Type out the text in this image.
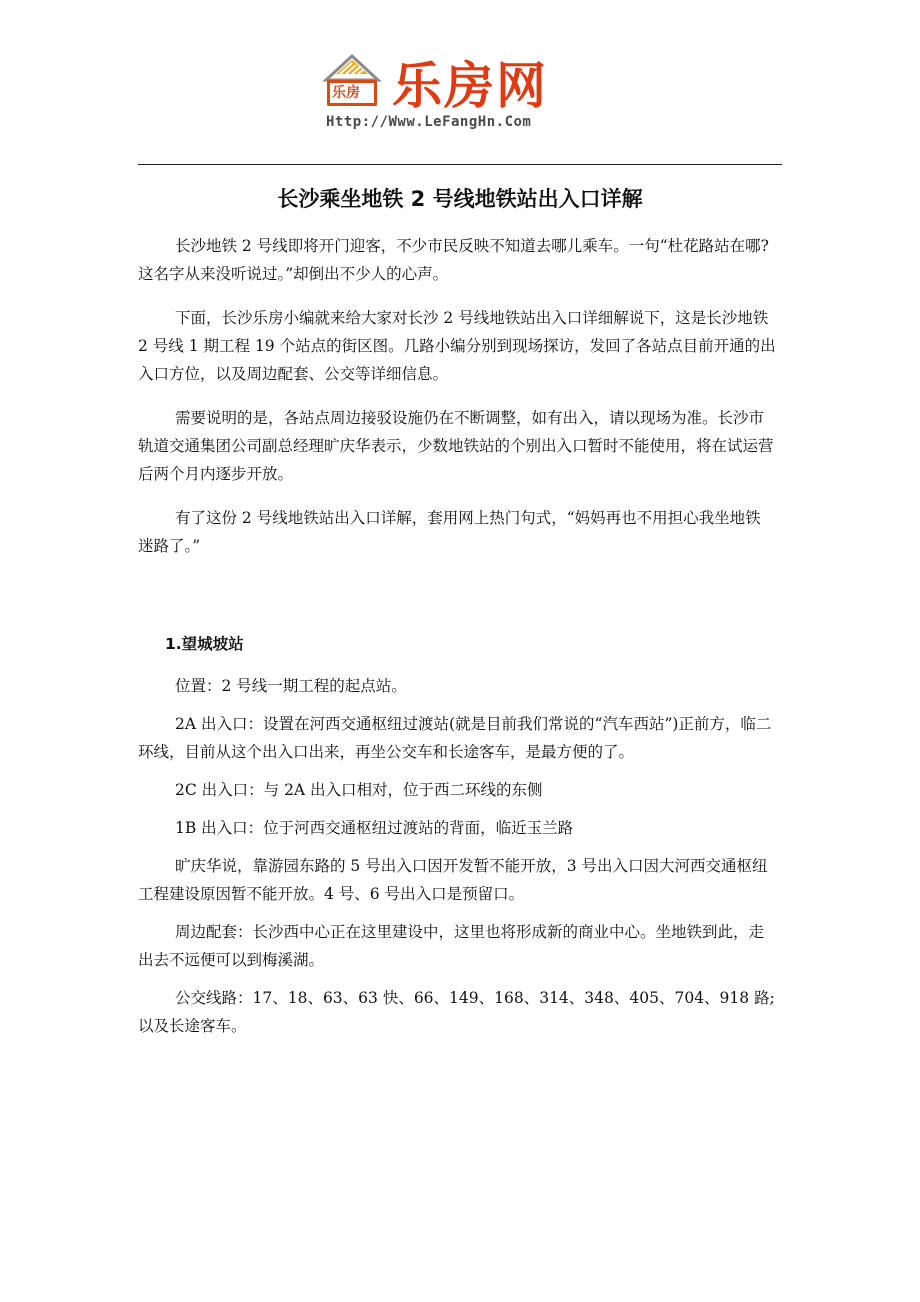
乐房 乐房网
Http://Www.LeFangHn.Com
长沙乘坐地铁 2 号线地铁站出入口详解

长沙地铁 2 号线即将开门迎客，不少市民反映不知道去哪儿乘车。一句“杜花路站在哪?这名字从来没听说过。”却倒出不少人的心声。

下面，长沙乐房小编就来给大家对长沙 2 号线地铁站出入口详细解说下，这是长沙地铁 2 号线 1 期工程 19 个站点的街区图。几路小编分别到现场探访，发回了各站点目前开通的出入口方位，以及周边配套、公交等详细信息。

需要说明的是，各站点周边接驳设施仍在不断调整，如有出入，请以现场为准。长沙市轨道交通集团公司副总经理旷庆华表示，少数地铁站的个别出入口暂时不能使用，将在试运营后两个月内逐步开放。

有了这份 2 号线地铁站出入口详解，套用网上热门句式，“妈妈再也不用担心我坐地铁迷路了。”

1.望城坡站

位置：2 号线一期工程的起点站。

2A 出入口：设置在河西交通枢纽过渡站(就是目前我们常说的“汽车西站”)正前方，临二环线，目前从这个出入口出来，再坐公交车和长途客车，是最方便的了。

2C 出入口：与 2A 出入口相对，位于西二环线的东侧

1B 出入口：位于河西交通枢纽过渡站的背面，临近玉兰路

旷庆华说，靠游园东路的 5 号出入口因开发暂不能开放，3 号出入口因大河西交通枢纽工程建设原因暂不能开放。4 号、6 号出入口是预留口。

周边配套：长沙西中心正在这里建设中，这里也将形成新的商业中心。坐地铁到此，走出去不远便可以到梅溪湖。

公交线路：17、18、63、63 快、66、149、168、314、348、405、704、918 路;以及长途客车。
